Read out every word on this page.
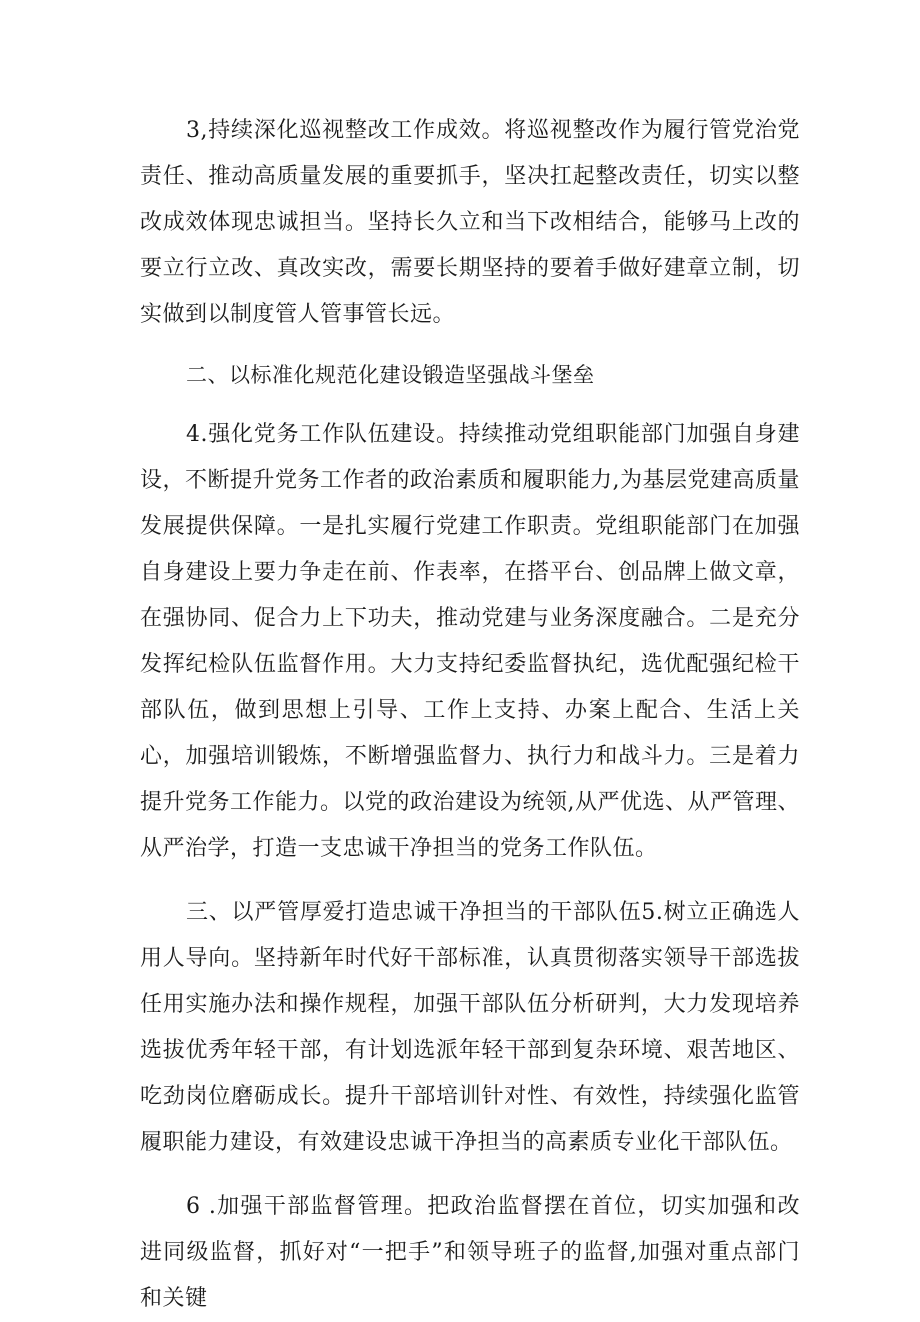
3,持续深化巡视整改工作成效。将巡视整改作为履行管党治党责任、推动高质量发展的重要抓手，坚决扛起整改责任，切实以整改成效体现忠诚担当。坚持长久立和当下改相结合，能够马上改的要立行立改、真改实改，需要长期坚持的要着手做好建章立制，切实做到以制度管人管事管长远。

二、以标准化规范化建设锻造坚强战斗堡垒

4.强化党务工作队伍建设。持续推动党组职能部门加强自身建设，不断提升党务工作者的政治素质和履职能力,为基层党建高质量发展提供保障。一是扎实履行党建工作职责。党组职能部门在加强自身建设上要力争走在前、作表率，在搭平台、创品牌上做文章，在强协同、促合力上下功夫，推动党建与业务深度融合。二是充分发挥纪检队伍监督作用。大力支持纪委监督执纪，选优配强纪检干部队伍，做到思想上引导、工作上支持、办案上配合、生活上关心，加强培训锻炼，不断增强监督力、执行力和战斗力。三是着力提升党务工作能力。以党的政治建设为统领,从严优选、从严管理、从严治学，打造一支忠诚干净担当的党务工作队伍。

三、以严管厚爱打造忠诚干净担当的干部队伍5.树立正确选人用人导向。坚持新年时代好干部标准，认真贯彻落实领导干部选拔任用实施办法和操作规程，加强干部队伍分析研判，大力发现培养选拔优秀年轻干部，有计划选派年轻干部到复杂环境、艰苦地区、吃劲岗位磨砺成长。提升干部培训针对性、有效性，持续强化监管履职能力建设，有效建设忠诚干净担当的高素质专业化干部队伍。

6 .加强干部监督管理。把政治监督摆在首位，切实加强和改进同级监督，抓好对“一把手”和领导班子的监督,加强对重点部门和关键
